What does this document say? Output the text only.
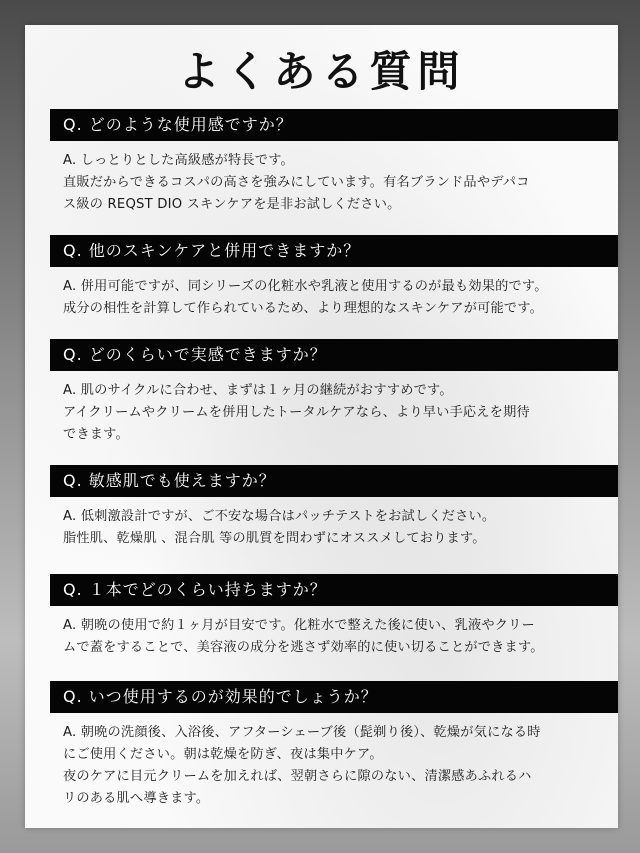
よくある質問
Q. どのような使用感ですか？
A. しっとりとした高級感が特長です。
直販だからできるコスパの高さを強みにしています。有名ブランド品やデパコ
ス級の REQST DIO スキンケアを是非お試しください。
Q. 他のスキンケアと併用できますか？
A. 併用可能ですが、同シリーズの化粧水や乳液と使用するのが最も効果的です。
成分の相性を計算して作られているため、より理想的なスキンケアが可能です。
Q. どのくらいで実感できますか？
A. 肌のサイクルに合わせ、まずは１ヶ月の継続がおすすめです。
アイクリームやクリームを併用したトータルケアなら、より早い手応えを期待
できます。
Q. 敏感肌でも使えますか？
A. 低刺激設計ですが、ご不安な場合はパッチテストをお試しください。
脂性肌、乾燥肌 、混合肌 等の肌質を問わずにオススメしております。
Q. １本でどのくらい持ちますか？
A. 朝晩の使用で約１ヶ月が目安です。化粧水で整えた後に使い、乳液やクリー
ムで蓋をすることで、美容液の成分を逃さず効率的に使い切ることができます。
Q. いつ使用するのが効果的でしょうか？
A. 朝晩の洗顔後、入浴後、アフターシェーブ後（髭剃り後）、乾燥が気になる時
にご使用ください。朝は乾燥を防ぎ、夜は集中ケア。
夜のケアに目元クリームを加えれば、翌朝さらに隙のない、清潔感あふれるハ
リのある肌へ導きます。
